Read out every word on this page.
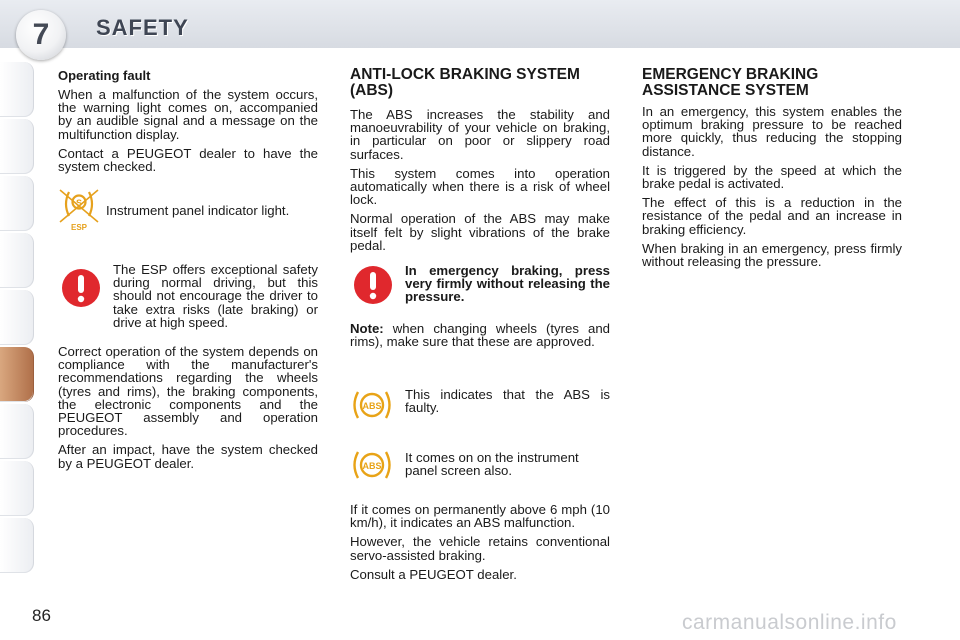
7	SAFETY
Operating fault

When a malfunction of the system occurs, the warning light comes on, accompanied by an audible signal and a message on the multifunction display.

Contact a PEUGEOT dealer to have the system checked.

S
ESP
Instrument panel indicator light.
The ESP offers exceptional safety during normal driving, but this should not encourage the driver to take extra risks (late braking) or drive at high speed.

Correct operation of the system depends on compliance with the manufacturer's recommendations regarding the wheels (tyres and rims), the braking components, the electronic components and the PEUGEOT assembly and operation procedures.

After an impact, have the system checked by a PEUGEOT dealer.

ANTI-LOCK BRAKING SYSTEM (ABS)

The ABS increases the stability and manoeuvrability of your vehicle on braking, in particular on poor or slippery road surfaces.

This system comes into operation automatically when there is a risk of wheel lock.

Normal operation of the ABS may make itself felt by slight vibrations of the brake pedal.

In emergency braking, press very firmly without releasing the pressure.
Note: when changing wheels (tyres and rims), make sure that these are approved.
ABS
This indicates that the ABS is faulty.
ABS
It comes on on the instrument panel screen also.

If it comes on permanently above 6 mph (10 km/h), it indicates an ABS malfunction.

However, the vehicle retains conventional servo-assisted braking.

Consult a PEUGEOT dealer.

EMERGENCY BRAKING ASSISTANCE SYSTEM

In an emergency, this system enables the optimum braking pressure to be reached more quickly, thus reducing the stopping distance.

It is triggered by the speed at which the brake pedal is activated.

The effect of this is a reduction in the resistance of the pedal and an increase in braking efficiency.

When braking in an emergency, press firmly without releasing the pressure.

86	carmanualsonline.info
